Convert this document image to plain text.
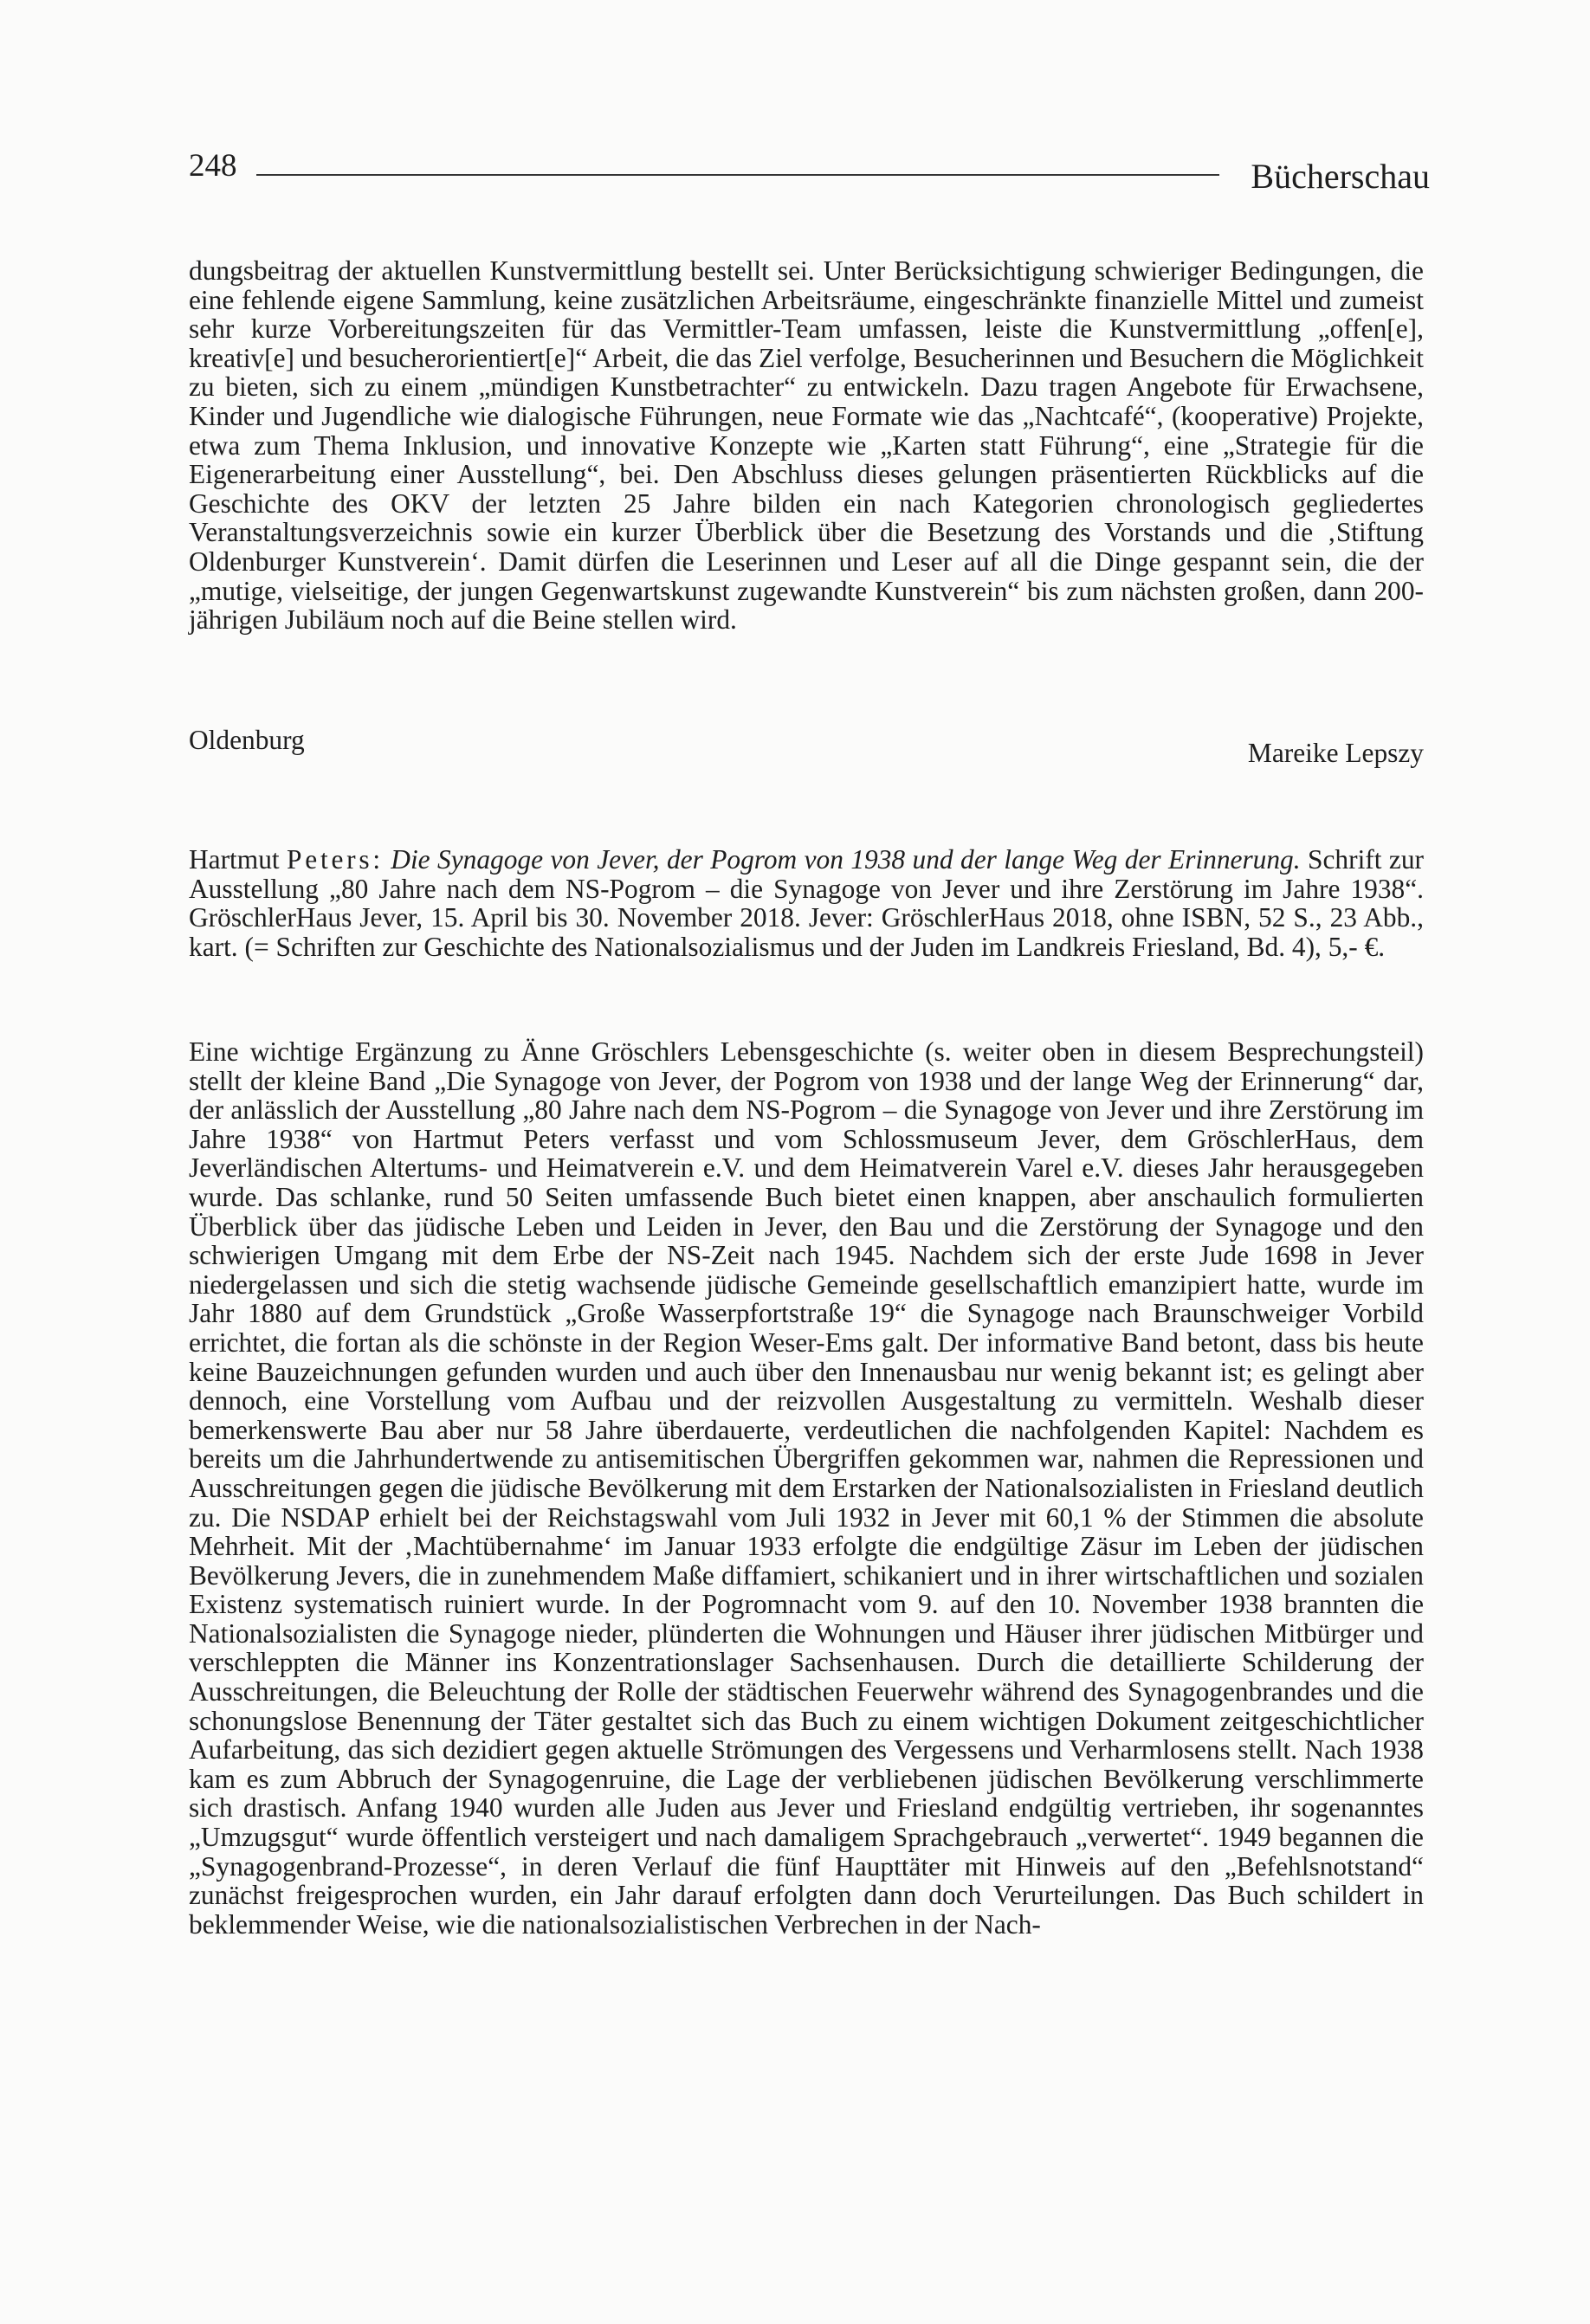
248	Bücherschau

dungsbeitrag der aktuellen Kunstvermittlung bestellt sei. Unter Berücksichtigung schwieriger Bedingungen, die eine fehlende eigene Sammlung, keine zusätzlichen Arbeitsräume, eingeschränkte finanzielle Mittel und zumeist sehr kurze Vorbereitungszeiten für das Vermittler-Team umfassen, leiste die Kunstvermittlung „offen[e], kreativ[e] und besucherorientiert[e]“ Arbeit, die das Ziel verfolge, Besucherinnen und Besuchern die Möglichkeit zu bieten, sich zu einem „mündigen Kunstbetrachter“ zu entwickeln. Dazu tragen Angebote für Erwachsene, Kinder und Jugendliche wie dialogische Führungen, neue Formate wie das „Nachtcafé“, (kooperative) Projekte, etwa zum Thema Inklusion, und innovative Konzepte wie „Karten statt Führung“, eine „Strategie für die Eigenerarbeitung einer Ausstellung“, bei. Den Abschluss dieses gelungen präsentierten Rückblicks auf die Geschichte des OKV der letzten 25 Jahre bilden ein nach Kategorien chronologisch gegliedertes Veranstaltungsverzeichnis sowie ein kurzer Überblick über die Besetzung des Vorstands und die ‚Stiftung Oldenburger Kunstverein‘. Damit dürfen die Leserinnen und Leser auf all die Dinge gespannt sein, die der „mutige, vielseitige, der jungen Gegenwartskunst zugewandte Kunstverein“ bis zum nächsten großen, dann 200-jährigen Jubiläum noch auf die Beine stellen wird.

Oldenburg	Mareike Lepszy

Hartmut Peters: Die Synagoge von Jever, der Pogrom von 1938 und der lange Weg der Erinnerung. Schrift zur Ausstellung „80 Jahre nach dem NS-Pogrom – die Synagoge von Jever und ihre Zerstörung im Jahre 1938“. GröschlerHaus Jever, 15. April bis 30. November 2018. Jever: GröschlerHaus 2018, ohne ISBN, 52 S., 23 Abb., kart. (= Schriften zur Geschichte des Nationalsozialismus und der Juden im Landkreis Friesland, Bd. 4), 5,- €.

Eine wichtige Ergänzung zu Änne Gröschlers Lebensgeschichte (s. weiter oben in diesem Besprechungsteil) stellt der kleine Band „Die Synagoge von Jever, der Pogrom von 1938 und der lange Weg der Erinnerung“ dar, der anlässlich der Ausstellung „80 Jahre nach dem NS-Pogrom – die Synagoge von Jever und ihre Zerstörung im Jahre 1938“ von Hartmut Peters verfasst und vom Schlossmuseum Jever, dem GröschlerHaus, dem Jeverländischen Altertums- und Heimatverein e.V. und dem Heimatverein Varel e.V. dieses Jahr herausgegeben wurde. Das schlanke, rund 50 Seiten umfassende Buch bietet einen knappen, aber anschaulich formulierten Überblick über das jüdische Leben und Leiden in Jever, den Bau und die Zerstörung der Synagoge und den schwierigen Umgang mit dem Erbe der NS-Zeit nach 1945. Nachdem sich der erste Jude 1698 in Jever niedergelassen und sich die stetig wachsende jüdische Gemeinde gesellschaftlich emanzipiert hatte, wurde im Jahr 1880 auf dem Grundstück „Große Wasserpfortstraße 19“ die Synagoge nach Braunschweiger Vorbild errichtet, die fortan als die schönste in der Region Weser-Ems galt. Der informative Band betont, dass bis heute keine Bauzeichnungen gefunden wurden und auch über den Innenausbau nur wenig bekannt ist; es gelingt aber dennoch, eine Vorstellung vom Aufbau und der reizvollen Ausgestaltung zu vermitteln. Weshalb dieser bemerkenswerte Bau aber nur 58 Jahre überdauerte, verdeutlichen die nachfolgenden Kapitel: Nachdem es bereits um die Jahrhundertwende zu antisemitischen Übergriffen gekommen war, nahmen die Repressionen und Ausschreitungen gegen die jüdische Bevölkerung mit dem Erstarken der Nationalsozialisten in Friesland deutlich zu. Die NSDAP erhielt bei der Reichstagswahl vom Juli 1932 in Jever mit 60,1 % der Stimmen die absolute Mehrheit. Mit der ‚Machtübernahme‘ im Januar 1933 erfolgte die endgültige Zäsur im Leben der jüdischen Bevölkerung Jevers, die in zunehmendem Maße diffamiert, schikaniert und in ihrer wirtschaftlichen und sozialen Existenz systematisch ruiniert wurde. In der Pogromnacht vom 9. auf den 10. November 1938 brannten die Nationalsozialisten die Synagoge nieder, plünderten die Wohnungen und Häuser ihrer jüdischen Mitbürger und verschleppten die Männer ins Konzentrationslager Sachsenhausen. Durch die detaillierte Schilderung der Ausschreitungen, die Beleuchtung der Rolle der städtischen Feuerwehr während des Synagogenbrandes und die schonungslose Benennung der Täter gestaltet sich das Buch zu einem wichtigen Dokument zeitgeschichtlicher Aufarbeitung, das sich dezidiert gegen aktuelle Strömungen des Vergessens und Verharmlosens stellt. Nach 1938 kam es zum Abbruch der Synagogenruine, die Lage der verbliebenen jüdischen Bevölkerung verschlimmerte sich drastisch. Anfang 1940 wurden alle Juden aus Jever und Friesland endgültig vertrieben, ihr sogenanntes „Umzugsgut“ wurde öffentlich versteigert und nach damaligem Sprachgebrauch „verwertet“. 1949 begannen die „Synagogenbrand-Prozesse“, in deren Verlauf die fünf Haupttäter mit Hinweis auf den „Befehlsnotstand“ zunächst freigesprochen wurden, ein Jahr darauf erfolgten dann doch Verurteilungen. Das Buch schildert in beklemmender Weise, wie die nationalsozialistischen Verbrechen in der Nach-
